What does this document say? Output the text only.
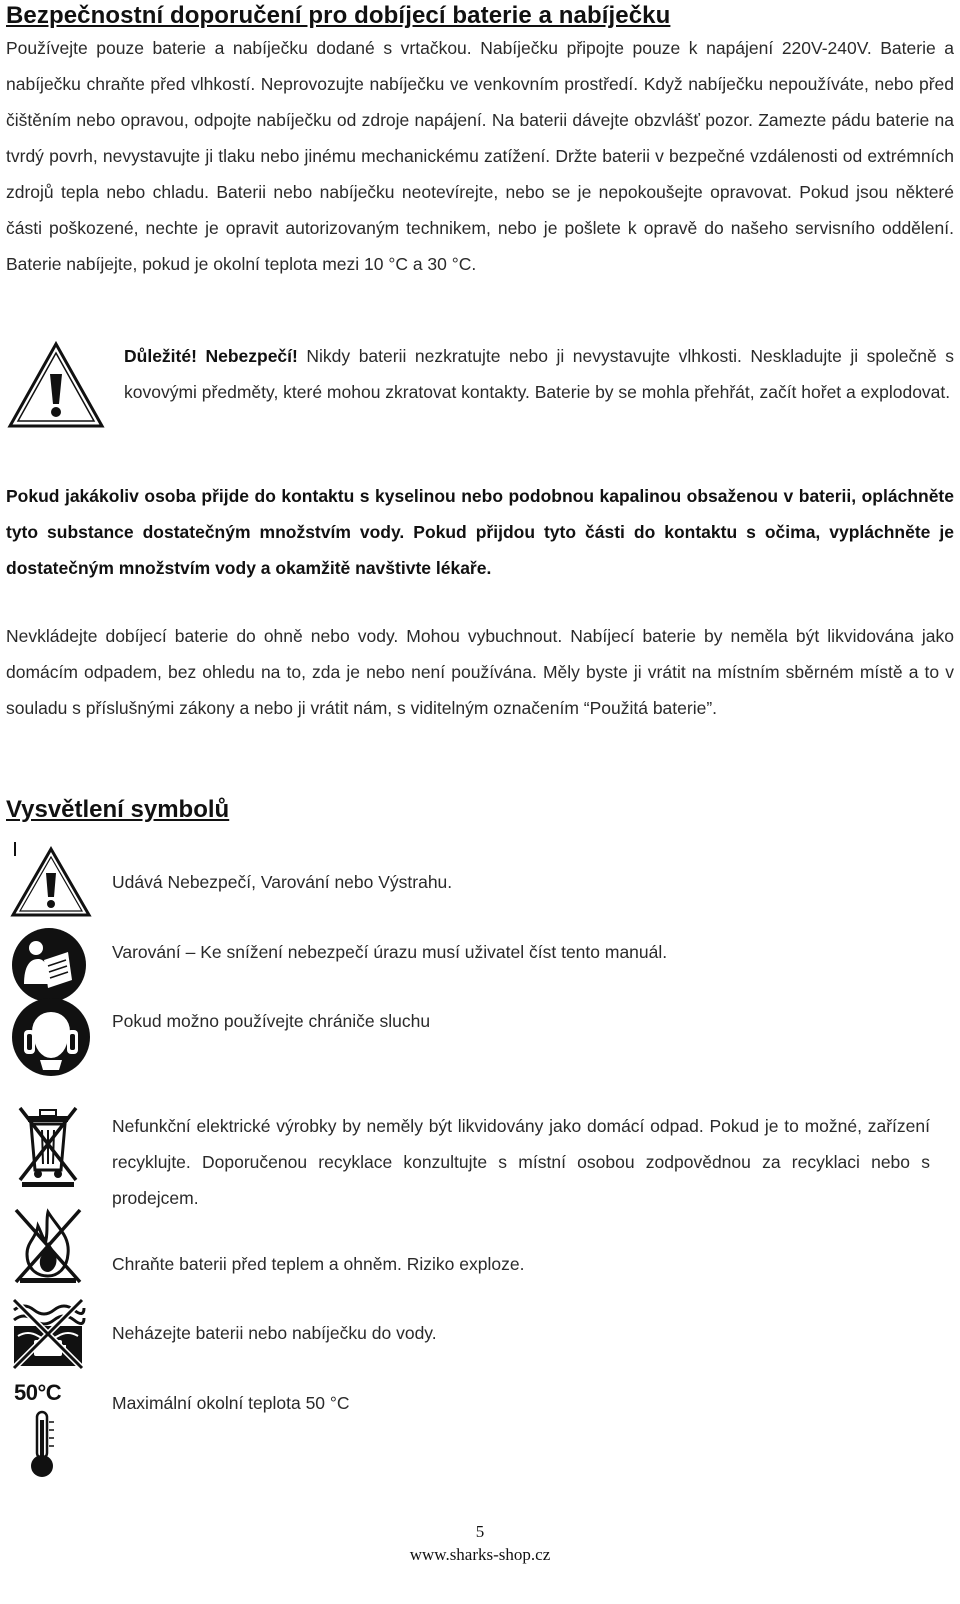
Bezpečnostní doporučení pro dobíjecí baterie a nabíječku

Používejte pouze baterie a nabíječku dodané s vrtačkou. Nabíječku připojte pouze k napájení 220V-240V. Baterie a nabíječku chraňte před vlhkostí. Neprovozujte nabíječku ve venkovním prostředí. Když nabíječku nepoužíváte, nebo před čištěním nebo opravou, odpojte nabíječku od zdroje napájení. Na baterii dávejte obzvlášť pozor. Zamezte pádu baterie na tvrdý povrh, nevystavujte ji tlaku nebo jinému mechanickému zatížení. Držte baterii v bezpečné vzdálenosti od extrémních zdrojů tepla nebo chladu. Baterii nebo nabíječku neotevírejte, nebo se je nepokoušejte opravovat. Pokud jsou některé části poškozené, nechte je opravit autorizovaným technikem, nebo je pošlete k opravě do našeho servisního oddělení. Baterie nabíjejte, pokud je okolní teplota mezi 10 °C a 30 °C.

Důležité! Nebezpečí! Nikdy baterii nezkratujte nebo ji nevystavujte vlhkosti. Neskladujte ji společně s kovovými předměty, které mohou zkratovat kontakty. Baterie by se mohla přehřát, začít hořet a explodovat.

Pokud jakákoliv osoba přijde do kontaktu s kyselinou nebo podobnou kapalinou obsaženou v baterii, opláchněte tyto substance dostatečným množstvím vody. Pokud přijdou tyto části do kontaktu s očima, vypláchněte je dostatečným množstvím vody a okamžitě navštivte lékaře.

Nevkládejte dobíjecí baterie do ohně nebo vody. Mohou vybuchnout. Nabíjecí baterie by neměla být likvidována jako domácím odpadem, bez ohledu na to, zda je nebo není používána. Měly byste ji vrátit na místním sběrném místě a to v souladu s příslušnými zákony a nebo ji vrátit nám, s viditelným označením “Použitá baterie”.

Vysvětlení symbolů

Udává Nebezpečí, Varování nebo Výstrahu.

Varování – Ke snížení nebezpečí úrazu musí uživatel číst tento manuál.

Pokud možno používejte chrániče sluchu

Nefunkční elektrické výrobky by neměly být likvidovány jako domácí odpad. Pokud je to možné, zařízení recyklujte. Doporučenou recyklace konzultujte s místní osobou zodpovědnou za recyklaci nebo s prodejcem.

Chraňte baterii před teplem a ohněm. Riziko exploze.

Neházejte baterii nebo nabíječku do vody.

50°C	Maximální okolní teplota 50 °C

5
www.sharks-shop.cz
